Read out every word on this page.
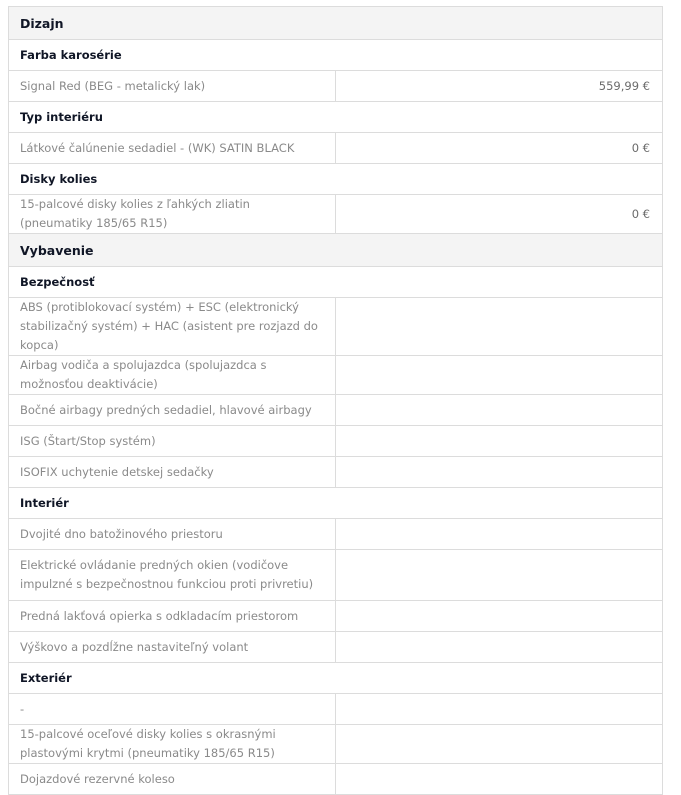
Dizajn	
Farba karosérie	
Signal Red (BEG - metalický lak)	559,99 €
Typ interiéru	
Látkové čalúnenie sedadiel - (WK) SATIN BLACK	0 €
Disky kolies	
15-palcové disky kolies z ľahkých zliatin (pneumatiky 185/65 R15)	0 €
Vybavenie	
Bezpečnosť	
ABS (protiblokovací systém) + ESC (elektronický stabilizačný systém) + HAC (asistent pre rozjazd do kopca)	
Airbag vodiča a spolujazdca (spolujazdca s možnosťou deaktivácie)	
Bočné airbagy predných sedadiel, hlavové airbagy	
ISG (Štart/Stop systém)	
ISOFIX uchytenie detskej sedačky	
Interiér	
Dvojité dno batožinového priestoru	
Elektrické ovládanie predných okien (vodičove impulzné s bezpečnostnou funkciou proti privretiu)	
Predná lakťová opierka s odkladacím priestorom	
Výškovo a pozdĺžne nastaviteľný volant	
Exteriér	
-	
15-palcové oceľové disky kolies s okrasnými plastovými krytmi (pneumatiky 185/65 R15)	
Dojazdové rezervné koleso	
